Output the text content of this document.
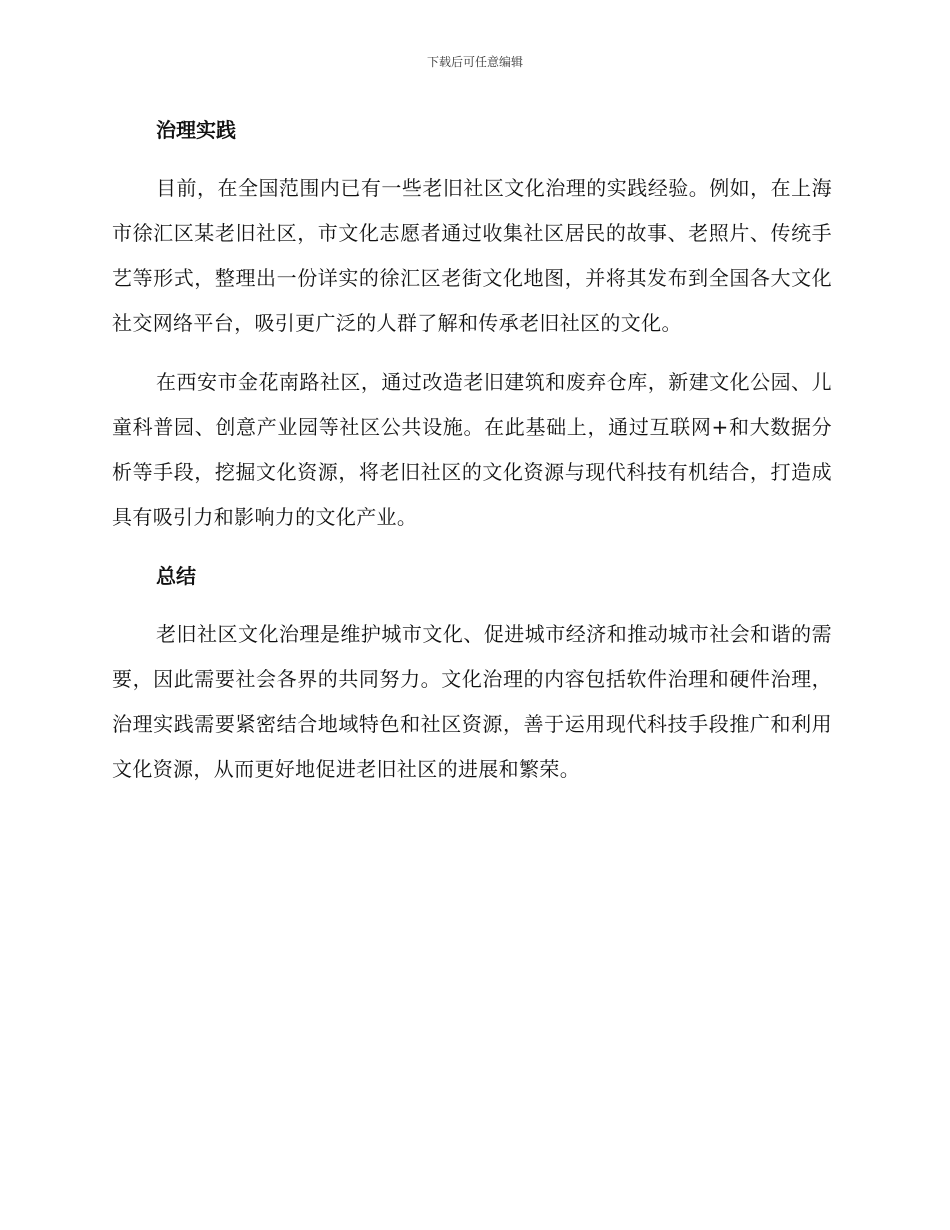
下载后可任意编辑
治理实践

目前，在全国范围内已有一些老旧社区文化治理的实践经验。例如，在上海市徐汇区某老旧社区，市文化志愿者通过收集社区居民的故事、老照片、传统手艺等形式，整理出一份详实的徐汇区老街文化地图，并将其发布到全国各大文化社交网络平台，吸引更广泛的人群了解和传承老旧社区的文化。

在西安市金花南路社区，通过改造老旧建筑和废弃仓库，新建文化公园、儿童科普园、创意产业园等社区公共设施。在此基础上，通过互联网+和大数据分析等手段，挖掘文化资源，将老旧社区的文化资源与现代科技有机结合，打造成具有吸引力和影响力的文化产业。

总结

老旧社区文化治理是维护城市文化、促进城市经济和推动城市社会和谐的需要，因此需要社会各界的共同努力。文化治理的内容包括软件治理和硬件治理，治理实践需要紧密结合地域特色和社区资源，善于运用现代科技手段推广和利用文化资源，从而更好地促进老旧社区的进展和繁荣。
